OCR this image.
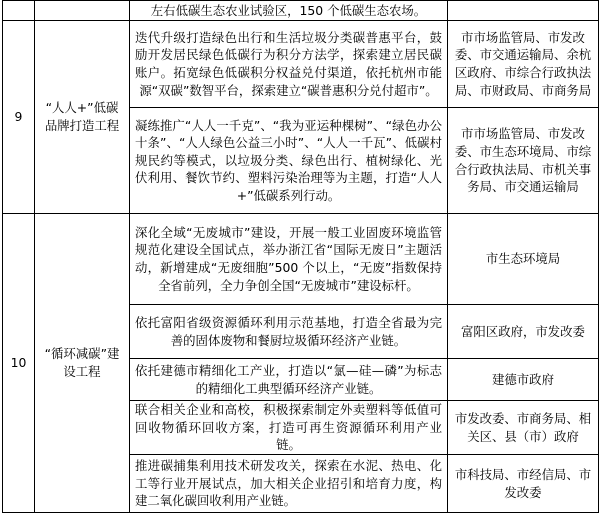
		左右低碳生态农业试验区，150 个低碳生态农场。	
9	“人人+”低碳品牌打造工程	迭代升级打造绿色出行和生活垃圾分类碳普惠平台，鼓励开发居民绿色低碳行为积分方法学，探索建立居民碳账户。拓宽绿色低碳积分权益兑付渠道，依托杭州市能源“双碳”数智平台，探索建立“碳普惠积分兑付超市”。	市市场监管局、市发改委、市交通运输局、余杭区政府、市综合行政执法局、市财政局、市商务局
		凝练推广“人人一千克”、“我为亚运种棵树”、“绿色办公十条”、“人人绿色公益三小时”、“人人一千瓦”、低碳村规民约等模式，以垃圾分类、绿色出行、植树绿化、光伏利用、餐饮节约、塑料污染治理等为主题，打造“人人+”低碳系列行动。	市市场监管局、市发改委、市生态环境局、市综合行政执法局、市机关事务局、市交通运输局
10	“循环减碳”建设工程	深化全域“无废城市”建设，开展一般工业固废环境监管规范化建设全国试点，举办浙江省“国际无废日”主题活动，新增建成“无废细胞”500 个以上，“无废”指数保持全省前列，全力争创全国“无废城市”建设标杆。	市生态环境局
		依托富阳省级资源循环利用示范基地，打造全省最为完善的固体废物和餐厨垃圾循环经济产业链。	富阳区政府，市发改委
		依托建德市精细化工产业，打造以“氯—硅—磷”为标志的精细化工典型循环经济产业链。	建德市政府
		联合相关企业和高校，积极探索制定外卖塑料等低值可回收物循环回收方案，打造可再生资源循环利用产业链。	市发改委、市商务局、相关区、县（市）政府
		推进碳捕集利用技术研发攻关，探索在水泥、热电、化工等行业开展试点，加大相关企业招引和培育力度，构建二氧化碳回收利用产业链。	市科技局、市经信局、市发改委
